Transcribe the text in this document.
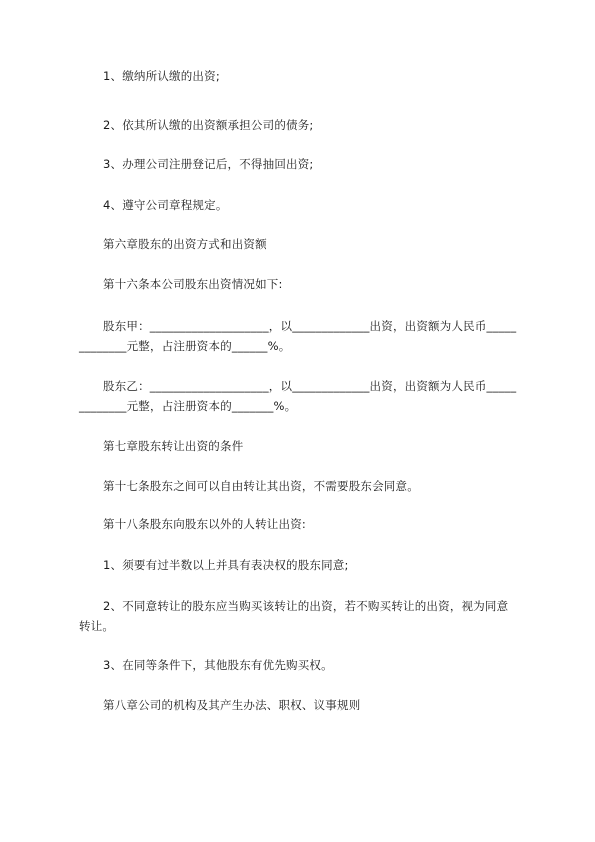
1、缴纳所认缴的出资;

2、依其所认缴的出资额承担公司的债务;

3、办理公司注册登记后，不得抽回出资;

4、遵守公司章程规定。

第六章股东的出资方式和出资额

第十六条本公司股东出资情况如下:

股东甲：____________________，以_____________出资，出资额为人民币_____________元整，占注册资本的______%。

股东乙：____________________，以_____________出资，出资额为人民币_____________元整，占注册资本的_______%。

第七章股东转让出资的条件

第十七条股东之间可以自由转让其出资，不需要股东会同意。

第十八条股东向股东以外的人转让出资:

1、须要有过半数以上并具有表决权的股东同意;

2、不同意转让的股东应当购买该转让的出资，若不购买转让的出资，视为同意转让。

3、在同等条件下，其他股东有优先购买权。

第八章公司的机构及其产生办法、职权、议事规则
